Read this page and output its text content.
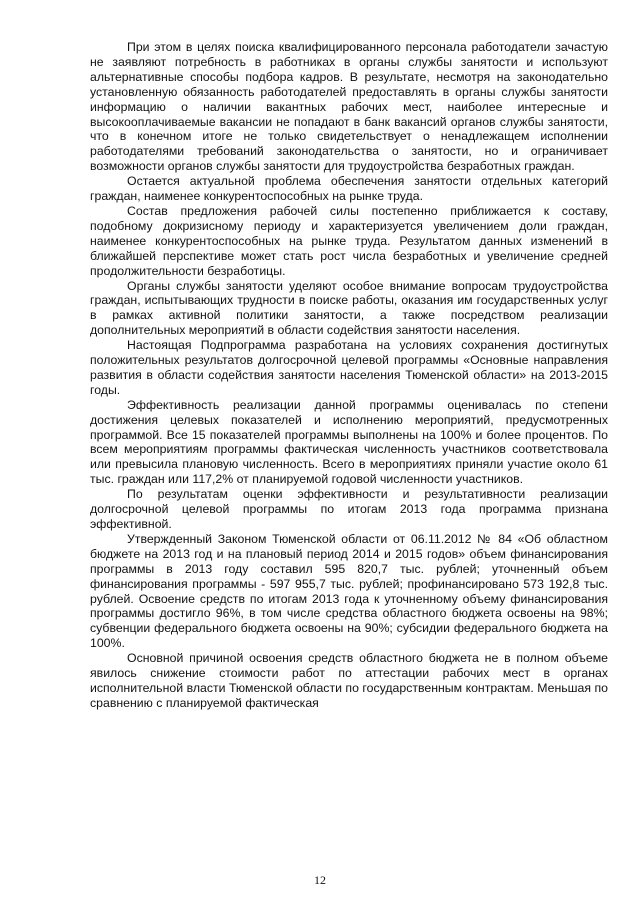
При этом в целях поиска квалифицированного персонала работодатели зачастую не заявляют потребность в работниках в органы службы занятости и используют альтернативные способы подбора кадров. В результате, несмотря на законодательно установленную обязанность работодателей предоставлять в органы службы занятости информацию о наличии вакантных рабочих мест, наиболее интересные и высокооплачиваемые вакансии не попадают в банк вакансий органов службы занятости, что в конечном итоге не только свидетельствует о ненадлежащем исполнении работодателями требований законодательства о занятости, но и ограничивает возможности органов службы занятости для трудоустройства безработных граждан.

Остается актуальной проблема обеспечения занятости отдельных категорий граждан, наименее конкурентоспособных на рынке труда.

Состав предложения рабочей силы постепенно приближается к составу, подобному докризисному периоду и характеризуется увеличением доли граждан, наименее конкурентоспособных на рынке труда. Результатом данных изменений в ближайшей перспективе может стать рост числа безработных и увеличение средней продолжительности безработицы.

Органы службы занятости уделяют особое внимание вопросам трудоустройства граждан, испытывающих трудности в поиске работы, оказания им государственных услуг в рамках активной политики занятости, а также посредством реализации дополнительных мероприятий в области содействия занятости населения.

Настоящая Подпрограмма разработана на условиях сохранения достигнутых положительных результатов долгосрочной целевой программы «Основные направления развития в области содействия занятости населения Тюменской области» на 2013-2015 годы.

Эффективность реализации данной программы оценивалась по степени достижения целевых показателей и исполнению мероприятий, предусмотренных программой. Все 15 показателей программы выполнены на 100% и более процентов. По всем мероприятиям программы фактическая численность участников соответствовала или превысила плановую численность. Всего в мероприятиях приняли участие около 61 тыс. граждан или 117,2% от планируемой годовой численности участников.

По результатам оценки эффективности и результативности реализации долгосрочной целевой программы по итогам 2013 года программа признана эффективной.

Утвержденный Законом Тюменской области от 06.11.2012 № 84 «Об областном бюджете на 2013 год и на плановый период 2014 и 2015 годов» объем финансирования программы в 2013 году составил 595 820,7 тыс. рублей; уточненный объем финансирования программы - 597 955,7 тыс. рублей; профинансировано 573 192,8 тыс. рублей. Освоение средств по итогам 2013 года к уточненному объему финансирования программы достигло 96%, в том числе средства областного бюджета освоены на 98%; субвенции федерального бюджета освоены на 90%; субсидии федерального бюджета на 100%.

Основной причиной освоения средств областного бюджета не в полном объеме явилось снижение стоимости работ по аттестации рабочих мест в органах исполнительной власти Тюменской области по государственным контрактам. Меньшая по сравнению с планируемой фактическая

12
